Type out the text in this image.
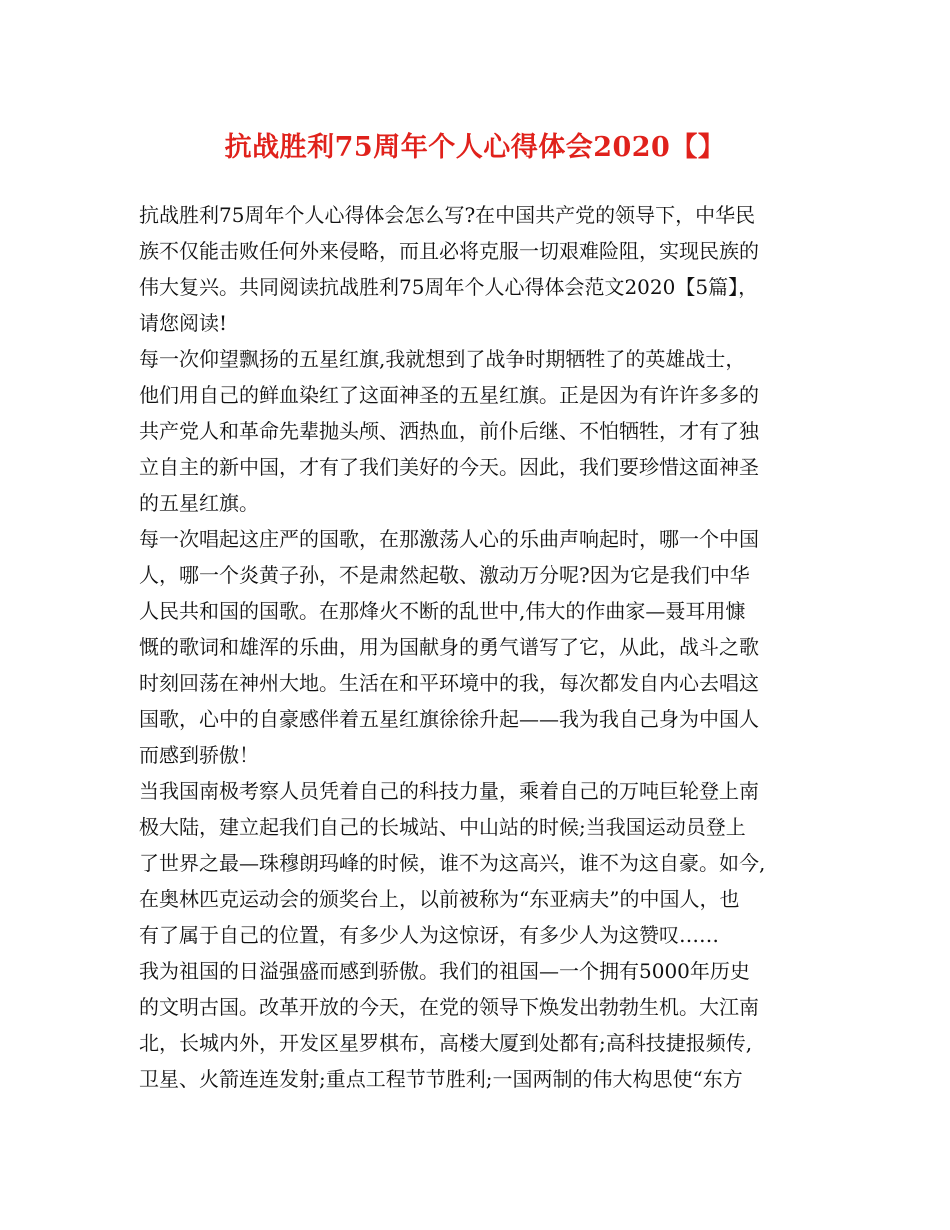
抗战胜利75周年个人心得体会2020【】
抗战胜利75周年个人心得体会怎么写?在中国共产党的领导下，中华民
族不仅能击败任何外来侵略，而且必将克服一切艰难险阻，实现民族的
伟大复兴。共同阅读抗战胜利75周年个人心得体会范文2020【5篇】，
请您阅读!
每一次仰望飘扬的五星红旗,我就想到了战争时期牺牲了的英雄战士，
他们用自己的鲜血染红了这面神圣的五星红旗。正是因为有许许多多的
共产党人和革命先辈抛头颅、洒热血，前仆后继、不怕牺牲，才有了独
立自主的新中国，才有了我们美好的今天。因此，我们要珍惜这面神圣
的五星红旗。
每一次唱起这庄严的国歌，在那激荡人心的乐曲声响起时，哪一个中国
人，哪一个炎黄子孙，不是肃然起敬、激动万分呢?因为它是我们中华
人民共和国的国歌。在那烽火不断的乱世中,伟大的作曲家—聂耳用慷
慨的歌词和雄浑的乐曲，用为国献身的勇气谱写了它，从此，战斗之歌
时刻回荡在神州大地。生活在和平环境中的我，每次都发自内心去唱这
国歌，心中的自豪感伴着五星红旗徐徐升起——我为我自己身为中国人
而感到骄傲！
当我国南极考察人员凭着自己的科技力量，乘着自己的万吨巨轮登上南
极大陆，建立起我们自己的长城站、中山站的时候;当我国运动员登上
了世界之最—珠穆朗玛峰的时候，谁不为这高兴，谁不为这自豪。如今,
在奥林匹克运动会的颁奖台上，以前被称为“东亚病夫”的中国人，也
有了属于自己的位置，有多少人为这惊讶，有多少人为这赞叹……
我为祖国的日溢强盛而感到骄傲。我们的祖国—一个拥有5000年历史
的文明古国。改革开放的今天，在党的领导下焕发出勃勃生机。大江南
北，长城内外，开发区星罗棋布，高楼大厦到处都有;高科技捷报频传,
卫星、火箭连连发射;重点工程节节胜利;一国两制的伟大构思使“东方
